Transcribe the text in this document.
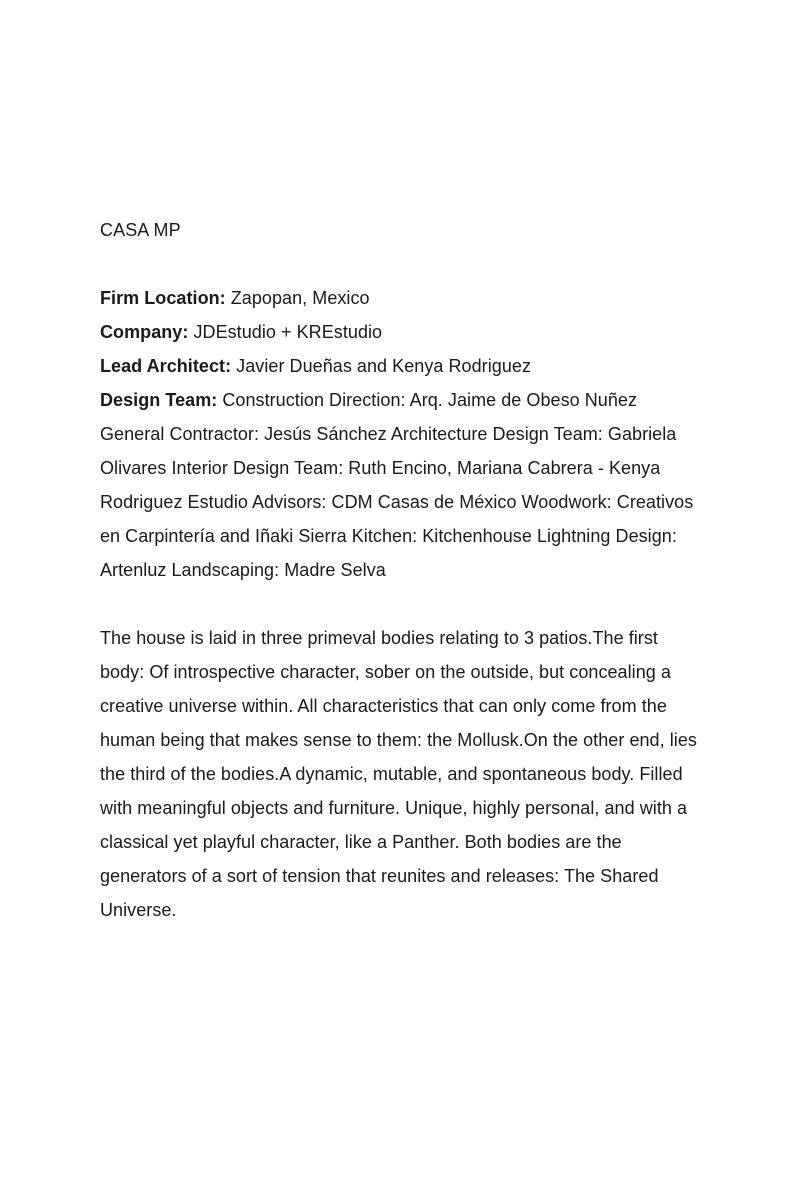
CASA MP
Firm Location: Zapopan, Mexico
Company: JDEstudio + KREstudio
Lead Architect: Javier Dueñas and Kenya Rodriguez
Design Team: Construction Direction: Arq. Jaime de Obeso Nuñez General Contractor: Jesús Sánchez Architecture Design Team: Gabriela Olivares Interior Design Team: Ruth Encino, Mariana Cabrera - Kenya Rodriguez Estudio Advisors: CDM Casas de México Woodwork: Creativos en Carpintería and Iñaki Sierra Kitchen: Kitchenhouse Lightning Design: Artenluz Landscaping: Madre Selva

The house is laid in three primeval bodies relating to 3 patios.The first body: Of introspective character, sober on the outside, but concealing a creative universe within. All characteristics that can only come from the human being that makes sense to them: the Mollusk.On the other end, lies the third of the bodies.A dynamic, mutable, and spontaneous body. Filled with meaningful objects and furniture. Unique, highly personal, and with a classical yet playful character, like a Panther. Both bodies are the generators of a sort of tension that reunites and releases: The Shared Universe.
